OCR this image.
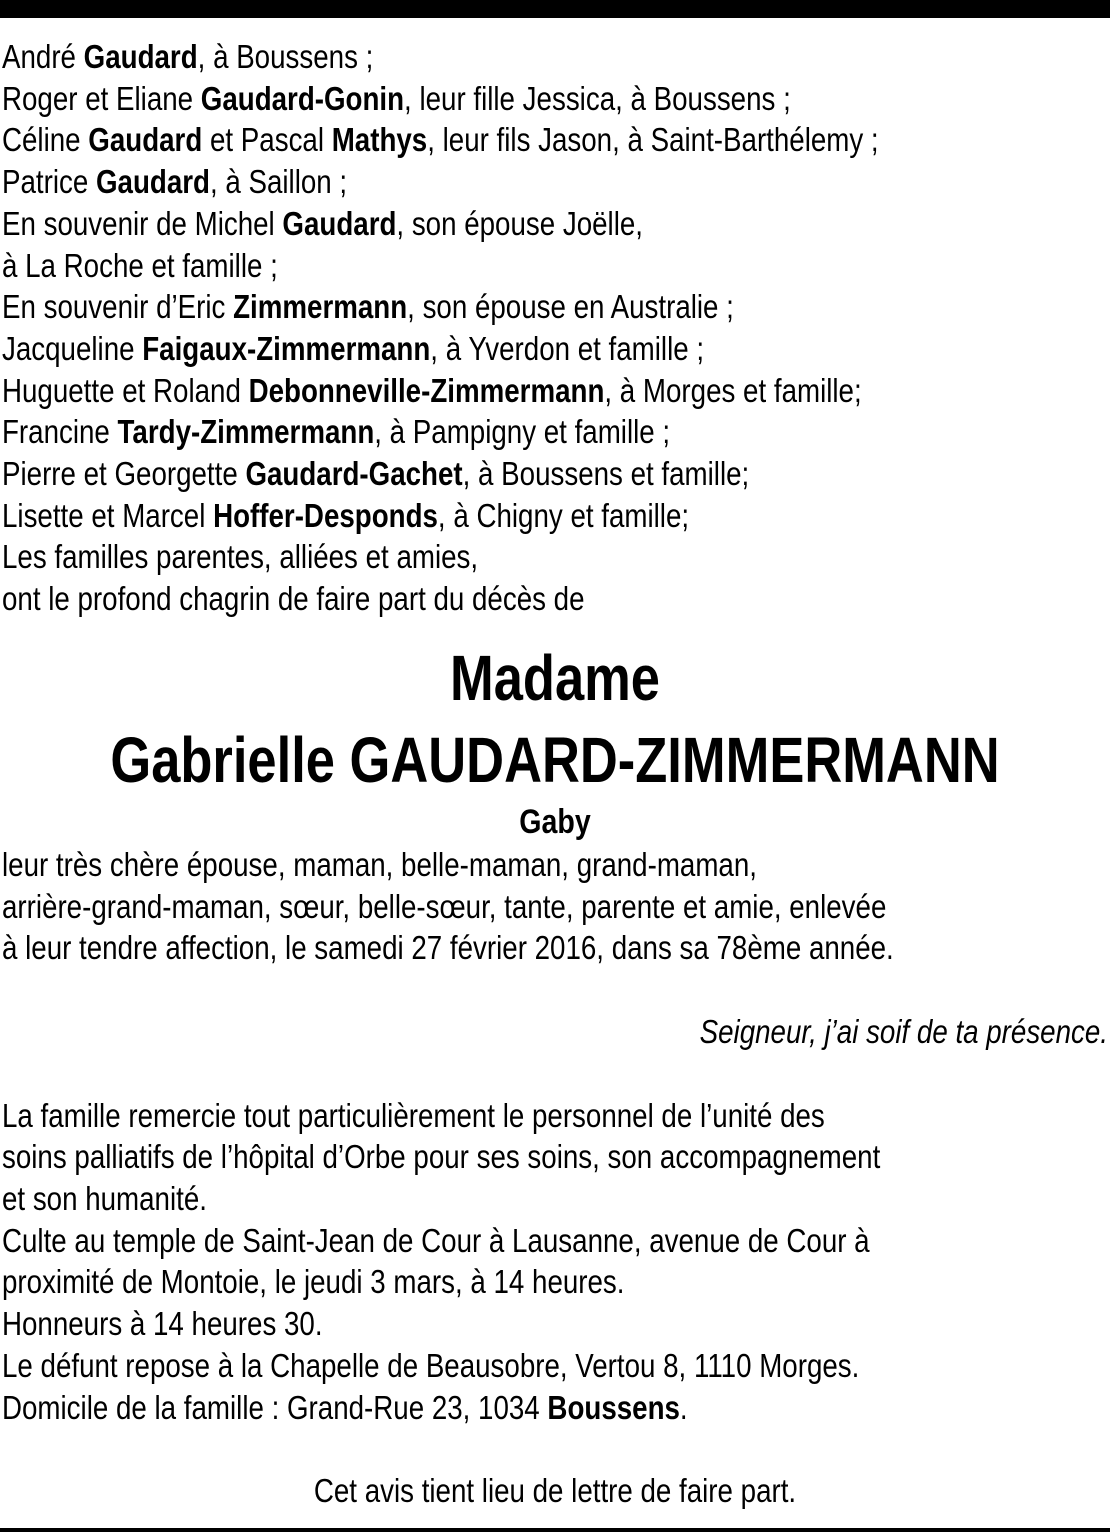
André Gaudard, à Boussens ;
Roger et Eliane Gaudard-Gonin, leur fille Jessica, à Boussens ;
Céline Gaudard et Pascal Mathys, leur fils Jason, à Saint-Barthélemy ;
Patrice Gaudard, à Saillon ;
En souvenir de Michel Gaudard, son épouse Joëlle,
à La Roche et famille ;
En souvenir d’Eric Zimmermann, son épouse en Australie ;
Jacqueline Faigaux-Zimmermann, à Yverdon et famille ;
Huguette et Roland Debonneville-Zimmermann, à Morges et famille;
Francine Tardy-Zimmermann, à Pampigny et famille ;
Pierre et Georgette Gaudard-Gachet, à Boussens et famille;
Lisette et Marcel Hoffer-Desponds, à Chigny et famille;
Les familles parentes, alliées et amies,
ont le profond chagrin de faire part du décès de
Madame
Gabrielle GAUDARD-ZIMMERMANN
Gaby
leur très chère épouse, maman, belle-maman, grand-maman,
arrière-grand-maman, sœur, belle-sœur, tante, parente et amie, enlevée
à leur tendre affection, le samedi 27 février 2016, dans sa 78ème année.
Seigneur, j’ai soif de ta présence.
La famille remercie tout particulièrement le personnel de l’unité des
soins palliatifs de l’hôpital d’Orbe pour ses soins, son accompagnement
et son humanité.
Culte au temple de Saint-Jean de Cour à Lausanne, avenue de Cour à
proximité de Montoie, le jeudi 3 mars, à 14 heures.
Honneurs à 14 heures 30.
Le défunt repose à la Chapelle de Beausobre, Vertou 8, 1110 Morges.
Domicile de la famille : Grand-Rue 23, 1034 Boussens.
Cet avis tient lieu de lettre de faire part.
